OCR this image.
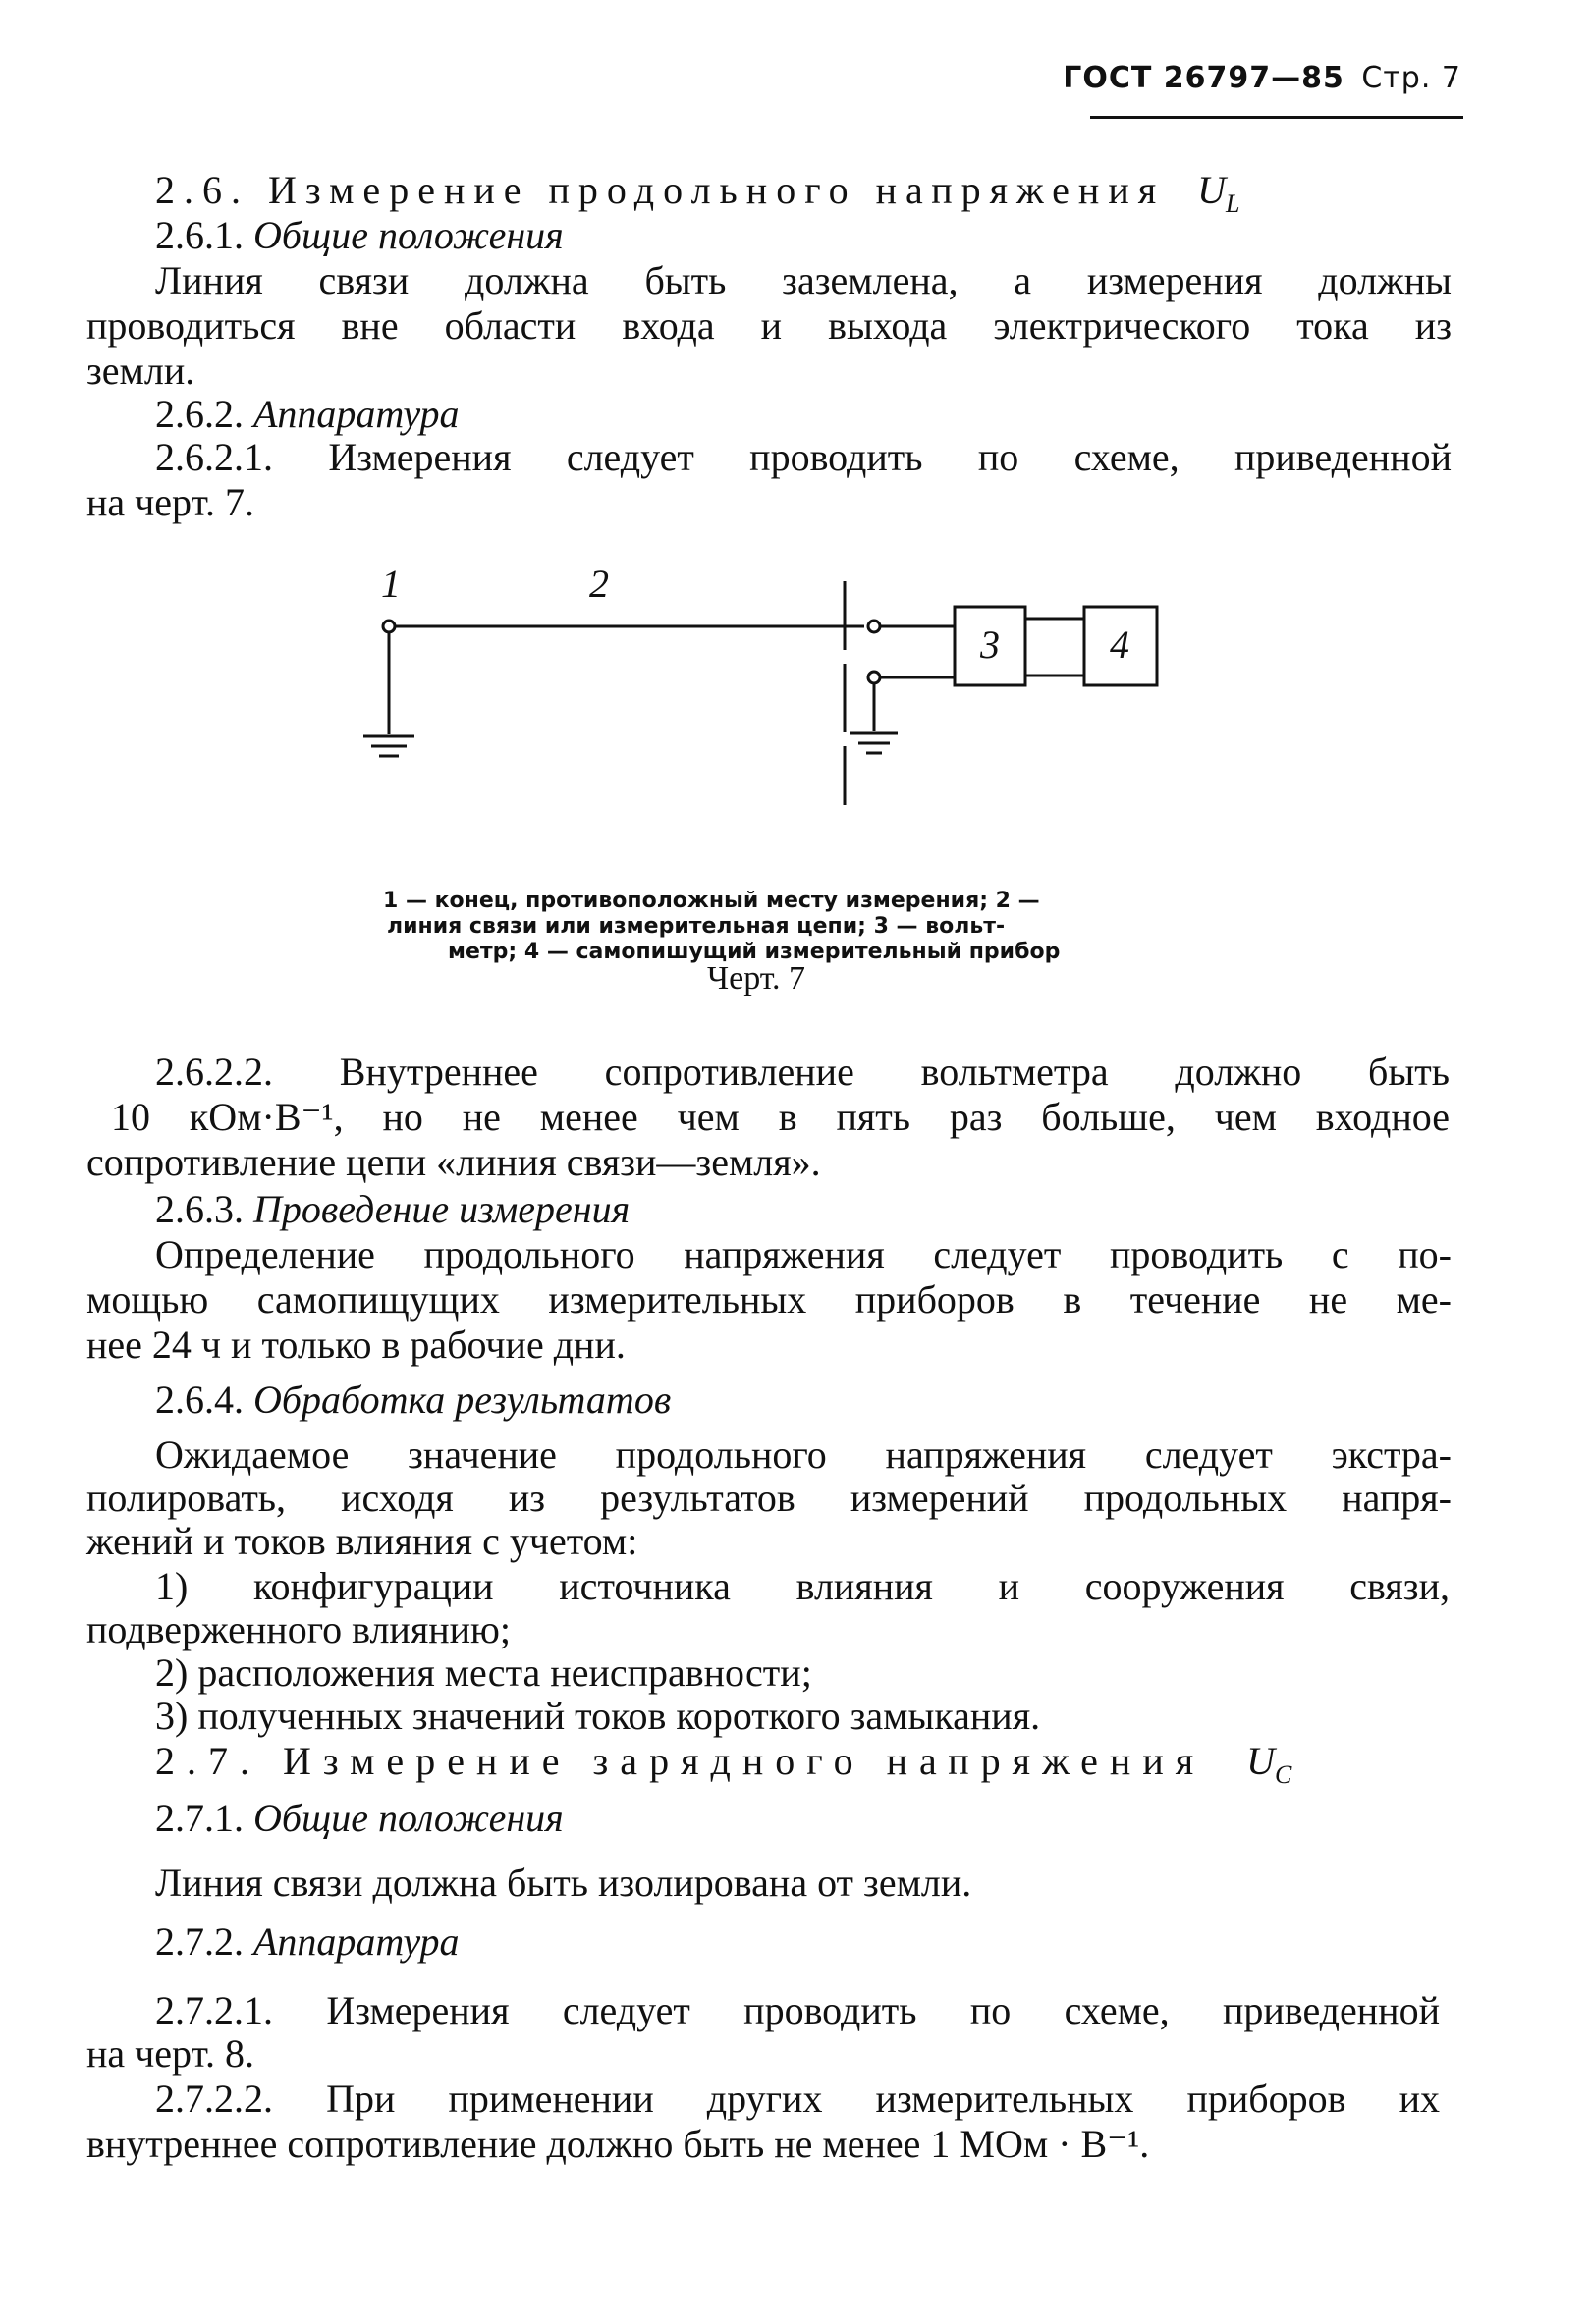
ГОСТ 26797—85 Стр. 7
2.6. Измерение продольного напряжения $U_L$
2.6.1. Общие положения
Линия связи должна быть заземлена, а измерения должны
проводиться вне области входа и выхода электрического тока из
земли.
2.6.2. Аппаратура
2.6.2.1. Измерения следует проводить по схеме, приведенной
на черт. 7.
1	2
3	4
1 — конец, противоположный месту измерения; 2 —
линия связи или измерительная цепи; 3 — вольт-
метр; 4 — самопишущий измерительный прибор
Черт. 7
2.6.2.2. Внутреннее сопротивление вольтметра должно быть
10 кОм·В⁻¹, но не менее чем в пять раз больше, чем входное
сопротивление цепи «линия связи—земля».
2.6.3. Проведение измерения
Определение продольного напряжения следует проводить с по-
мощью самопищущих измерительных приборов в течение не ме-
нее 24 ч и только в рабочие дни.
2.6.4. Обработка результатов
Ожидаемое значение продольного напряжения следует экстра-
полировать, исходя из результатов измерений продольных напря-
жений и токов влияния с учетом:
1) конфигурации источника влияния и сооружения связи,
подверженного влиянию;
2) расположения места неисправности;
3) полученных значений токов короткого замыкания.
2.7. Измерение зарядного напряжения $U_C$
2.7.1. Общие положения
Линия связи должна быть изолирована от земли.
2.7.2. Аппаратура
2.7.2.1. Измерения следует проводить по схеме, приведенной
на черт. 8.
2.7.2.2. При применении других измерительных приборов их
внутреннее сопротивление должно быть не менее 1 МОм · В⁻¹.
